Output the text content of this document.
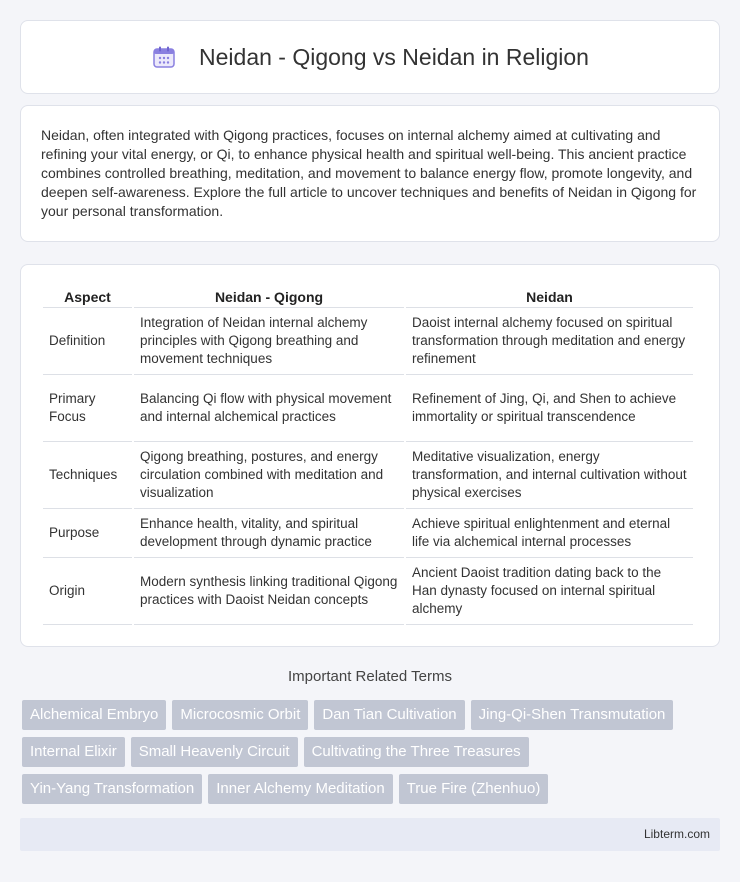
Neidan - Qigong vs Neidan in Religion

Neidan, often integrated with Qigong practices, focuses on internal alchemy aimed at cultivating and refining your vital energy, or Qi, to enhance physical health and spiritual well-being. This ancient practice combines controlled breathing, meditation, and movement to balance energy flow, promote longevity, and deepen self-awareness. Explore the full article to uncover techniques and benefits of Neidan in Qigong for your personal transformation.

Aspect	Neidan - Qigong	Neidan
Definition	Integration of Neidan internal alchemy principles with Qigong breathing and movement techniques	Daoist internal alchemy focused on spiritual transformation through meditation and energy refinement
Primary Focus	Balancing Qi flow with physical movement and internal alchemical practices	Refinement of Jing, Qi, and Shen to achieve immortality or spiritual transcendence
Techniques	Qigong breathing, postures, and energy circulation combined with meditation and visualization	Meditative visualization, energy transformation, and internal cultivation without physical exercises
Purpose	Enhance health, vitality, and spiritual development through dynamic practice	Achieve spiritual enlightenment and eternal life via alchemical internal processes
Origin	Modern synthesis linking traditional Qigong practices with Daoist Neidan concepts	Ancient Daoist tradition dating back to the Han dynasty focused on internal spiritual alchemy
Important Related Terms
Alchemical Embryo	Microcosmic Orbit	Dan Tian Cultivation	Jing-Qi-Shen Transmutation
Internal Elixir	Small Heavenly Circuit	Cultivating the Three Treasures
Yin-Yang Transformation	Inner Alchemy Meditation	True Fire (Zhenhuo)
Libterm.com
